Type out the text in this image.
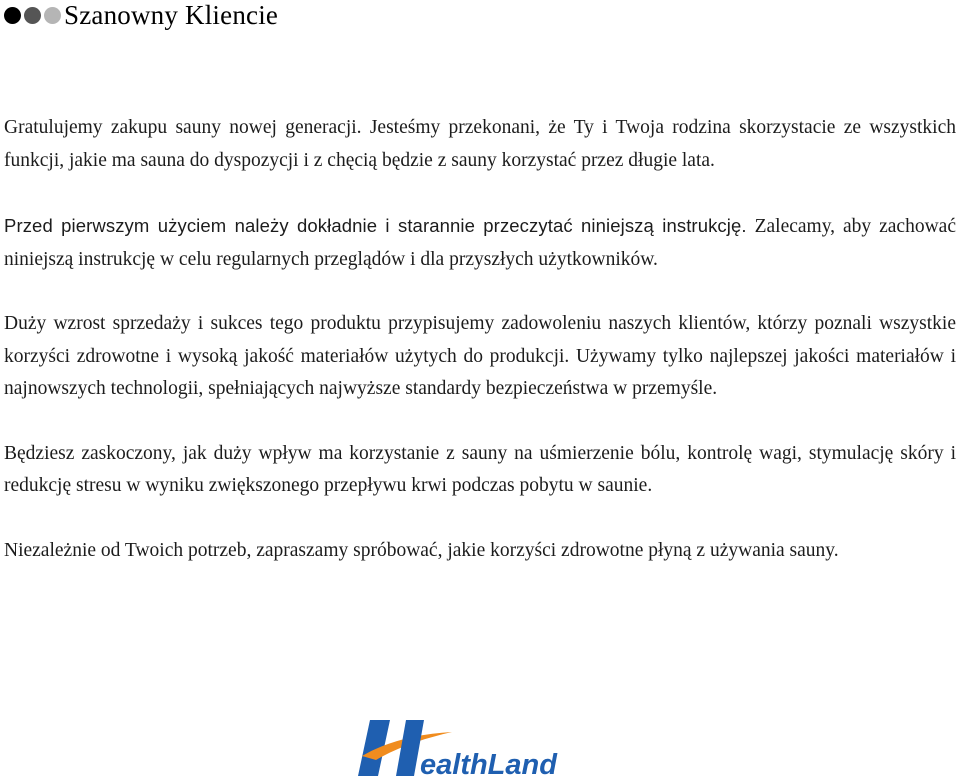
Szanowny Kliencie

Gratulujemy zakupu sauny nowej generacji. Jesteśmy przekonani, że Ty i Twoja rodzina skorzystacie ze wszystkich funkcji, jakie ma sauna do dyspozycji i z chęcią będzie z sauny korzystać przez długie lata.

Przed pierwszym użyciem należy dokładnie i starannie przeczytać niniejszą instrukcję. Zalecamy, aby zachować niniejszą instrukcję w celu regularnych przeglądów i dla przyszłych użytkowników.

Duży wzrost sprzedaży i sukces tego produktu przypisujemy zadowoleniu naszych klientów, którzy poznali wszystkie korzyści zdrowotne i wysoką jakość materiałów użytych do produkcji. Używamy tylko najlepszej jakości materiałów i najnowszych technologii, spełniających najwyższe standardy bezpieczeństwa w przemyśle.

Będziesz zaskoczony, jak duży wpływ ma korzystanie z sauny na uśmierzenie bólu, kontrolę wagi, stymulację skóry i redukcję stresu w wyniku zwiększonego przepływu krwi podczas pobytu w saunie.

Niezależnie od Twoich potrzeb, zapraszamy spróbować, jakie korzyści zdrowotne płyną z używania sauny.

ealthLand
